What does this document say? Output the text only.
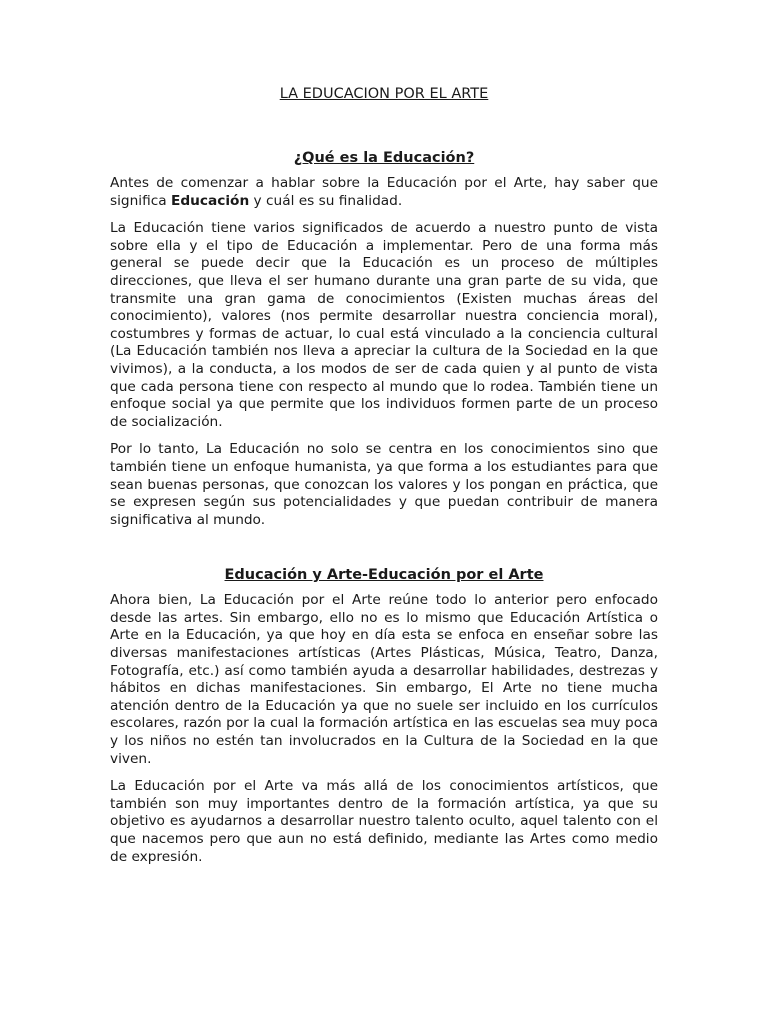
LA EDUCACION POR EL ARTE
¿Qué es la Educación?

Antes de comenzar a hablar sobre la Educación por el Arte, hay saber que significa Educación y cuál es su finalidad.

La Educación tiene varios significados de acuerdo a nuestro punto de vista sobre ella y el tipo de Educación a implementar. Pero de una forma más general se puede decir que la Educación es un proceso de múltiples direcciones, que lleva el ser humano durante una gran parte de su vida, que transmite una gran gama de conocimientos (Existen muchas áreas del conocimiento), valores (nos permite desarrollar nuestra conciencia moral), costumbres y formas de actuar, lo cual está vinculado a la conciencia cultural (La Educación también nos lleva a apreciar la cultura de la Sociedad en la que vivimos), a la conducta, a los modos de ser de cada quien y al punto de vista que cada persona tiene con respecto al mundo que lo rodea. También tiene un enfoque social ya que permite que los individuos formen parte de un proceso de socialización.

Por lo tanto, La Educación no solo se centra en los conocimientos sino que también tiene un enfoque humanista, ya que forma a los estudiantes para que sean buenas personas, que conozcan los valores y los pongan en práctica, que se expresen según sus potencialidades y que puedan contribuir de manera significativa al mundo.

Educación y Arte-Educación por el Arte

Ahora bien, La Educación por el Arte reúne todo lo anterior pero enfocado desde las artes. Sin embargo, ello no es lo mismo que Educación Artística o Arte en la Educación, ya que hoy en día esta se enfoca en enseñar sobre las diversas manifestaciones artísticas (Artes Plásticas, Música, Teatro, Danza, Fotografía, etc.) así como también ayuda a desarrollar habilidades, destrezas y hábitos en dichas manifestaciones. Sin embargo, El Arte no tiene mucha atención dentro de la Educación ya que no suele ser incluido en los currículos escolares, razón por la cual la formación artística en las escuelas sea muy poca y los niños no estén tan involucrados en la Cultura de la Sociedad en la que viven.

La Educación por el Arte va más allá de los conocimientos artísticos, que también son muy importantes dentro de la formación artística, ya que su objetivo es ayudarnos a desarrollar nuestro talento oculto, aquel talento con el que nacemos pero que aun no está definido, mediante las Artes como medio de expresión.
